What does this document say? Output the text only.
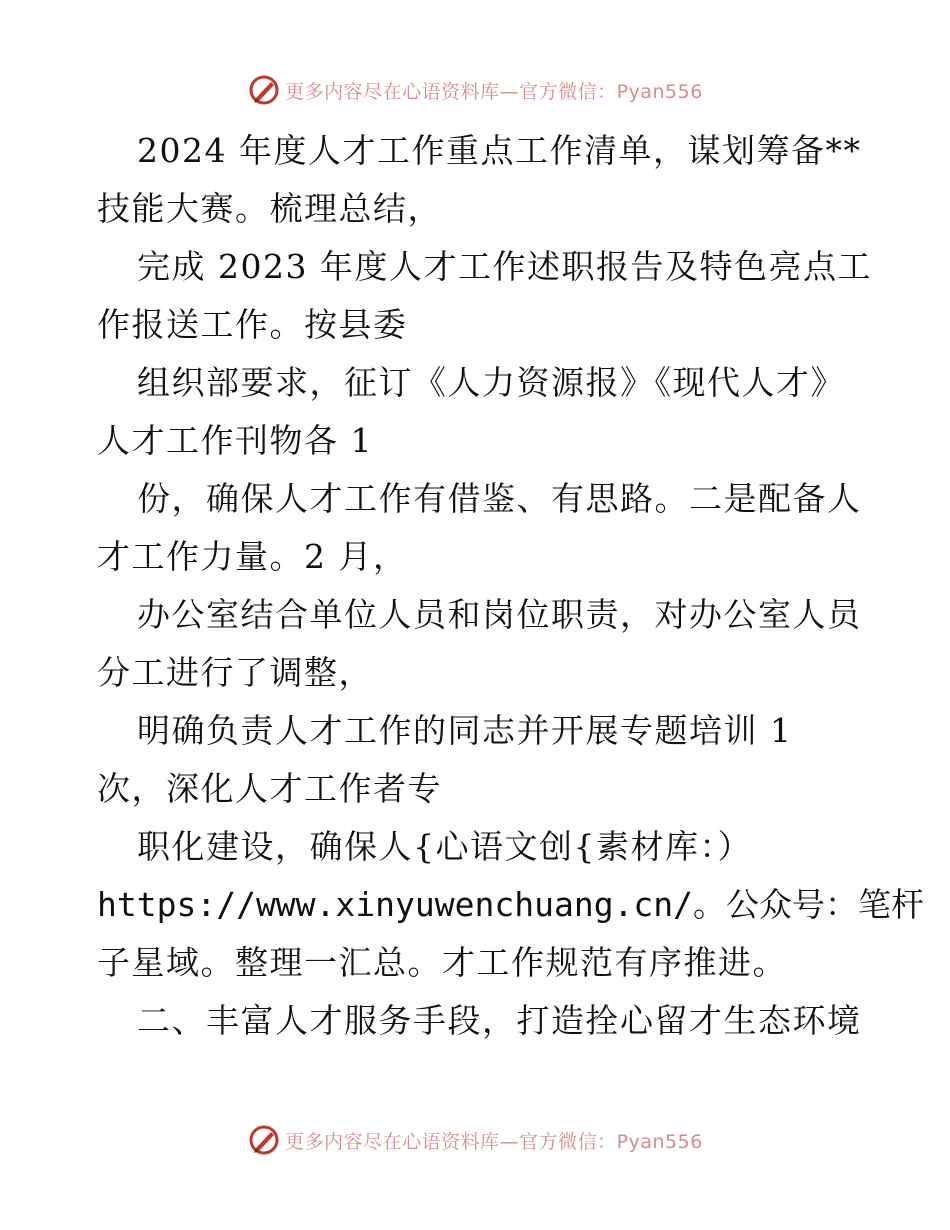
更多内容尽在心语资料库—官方微信：Pyan556
2024 年度人才工作重点工作清单，谋划筹备**
技能大赛。梳理总结，
完成 2023 年度人才工作述职报告及特色亮点工
作报送工作。按县委
组织部要求，征订《人力资源报》《现代人才》
人才工作刊物各 1
份，确保人才工作有借鉴、有思路。二是配备人
才工作力量。2 月，
办公室结合单位人员和岗位职责，对办公室人员
分工进行了调整，
明确负责人才工作的同志并开展专题培训 1
次，深化人才工作者专
职化建设，确保人{心语文创{素材库：）
https://www.xinyuwenchuang.cn/。公众号：笔杆
子星域。整理一汇总。才工作规范有序推进。
二、丰富人才服务手段，打造拴心留才生态环境
更多内容尽在心语资料库—官方微信：Pyan556
